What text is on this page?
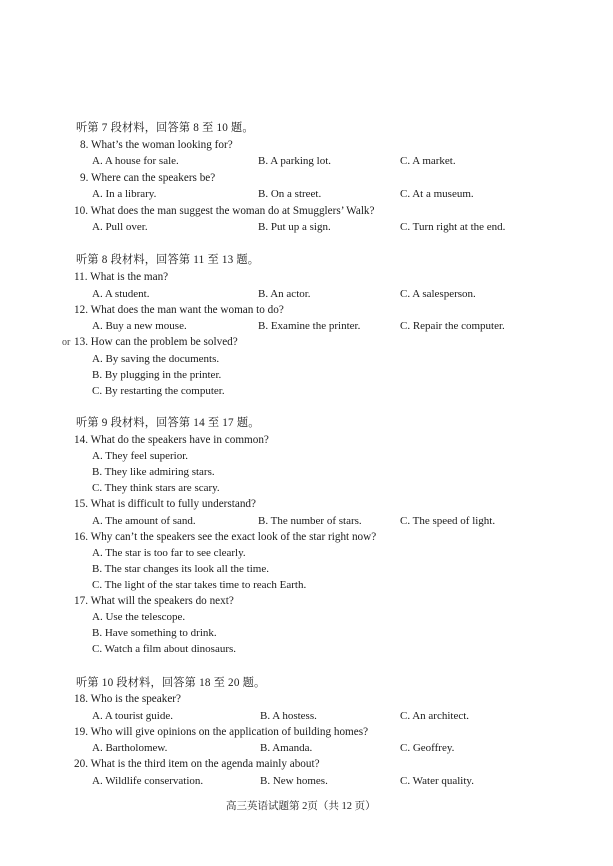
听第 7 段材料，回答第 8 至 10 题。
8. What’s the woman looking for?
A. A house for sale.	B. A parking lot.	C. A market.
9. Where can the speakers be?
A. In a library.	B. On a street.	C. At a museum.
10. What does the man suggest the woman do at Smugglers’ Walk?
A. Pull over.	B. Put up a sign.	C. Turn right at the end.
听第 8 段材料，回答第 11 至 13 题。
11. What is the man?
A. A student.	B. An actor.	C. A salesperson.
12. What does the man want the woman to do?
A. Buy a new mouse.	B. Examine the printer.	C. Repair the computer.
or 13. How can the problem be solved?
A. By saving the documents.
B. By plugging in the printer.
C. By restarting the computer.
听第 9 段材料，回答第 14 至 17 题。
14. What do the speakers have in common?
A. They feel superior.
B. They like admiring stars.
C. They think stars are scary.
15. What is difficult to fully understand?
A. The amount of sand.	B. The number of stars.	C. The speed of light.
16. Why can’t the speakers see the exact look of the star right now?
A. The star is too far to see clearly.
B. The star changes its look all the time.
C. The light of the star takes time to reach Earth.
17. What will the speakers do next?
A. Use the telescope.
B. Have something to drink.
C. Watch a film about dinosaurs.
听第 10 段材料，回答第 18 至 20 题。
18. Who is the speaker?
A. A tourist guide.	B. A hostess.	C. An architect.
19. Who will give opinions on the application of building homes?
A. Bartholomew.	B. Amanda.	C. Geoffrey.
20. What is the third item on the agenda mainly about?
A. Wildlife conservation.	B. New homes.	C. Water quality.
高三英语试题第 2页（共 12 页）
